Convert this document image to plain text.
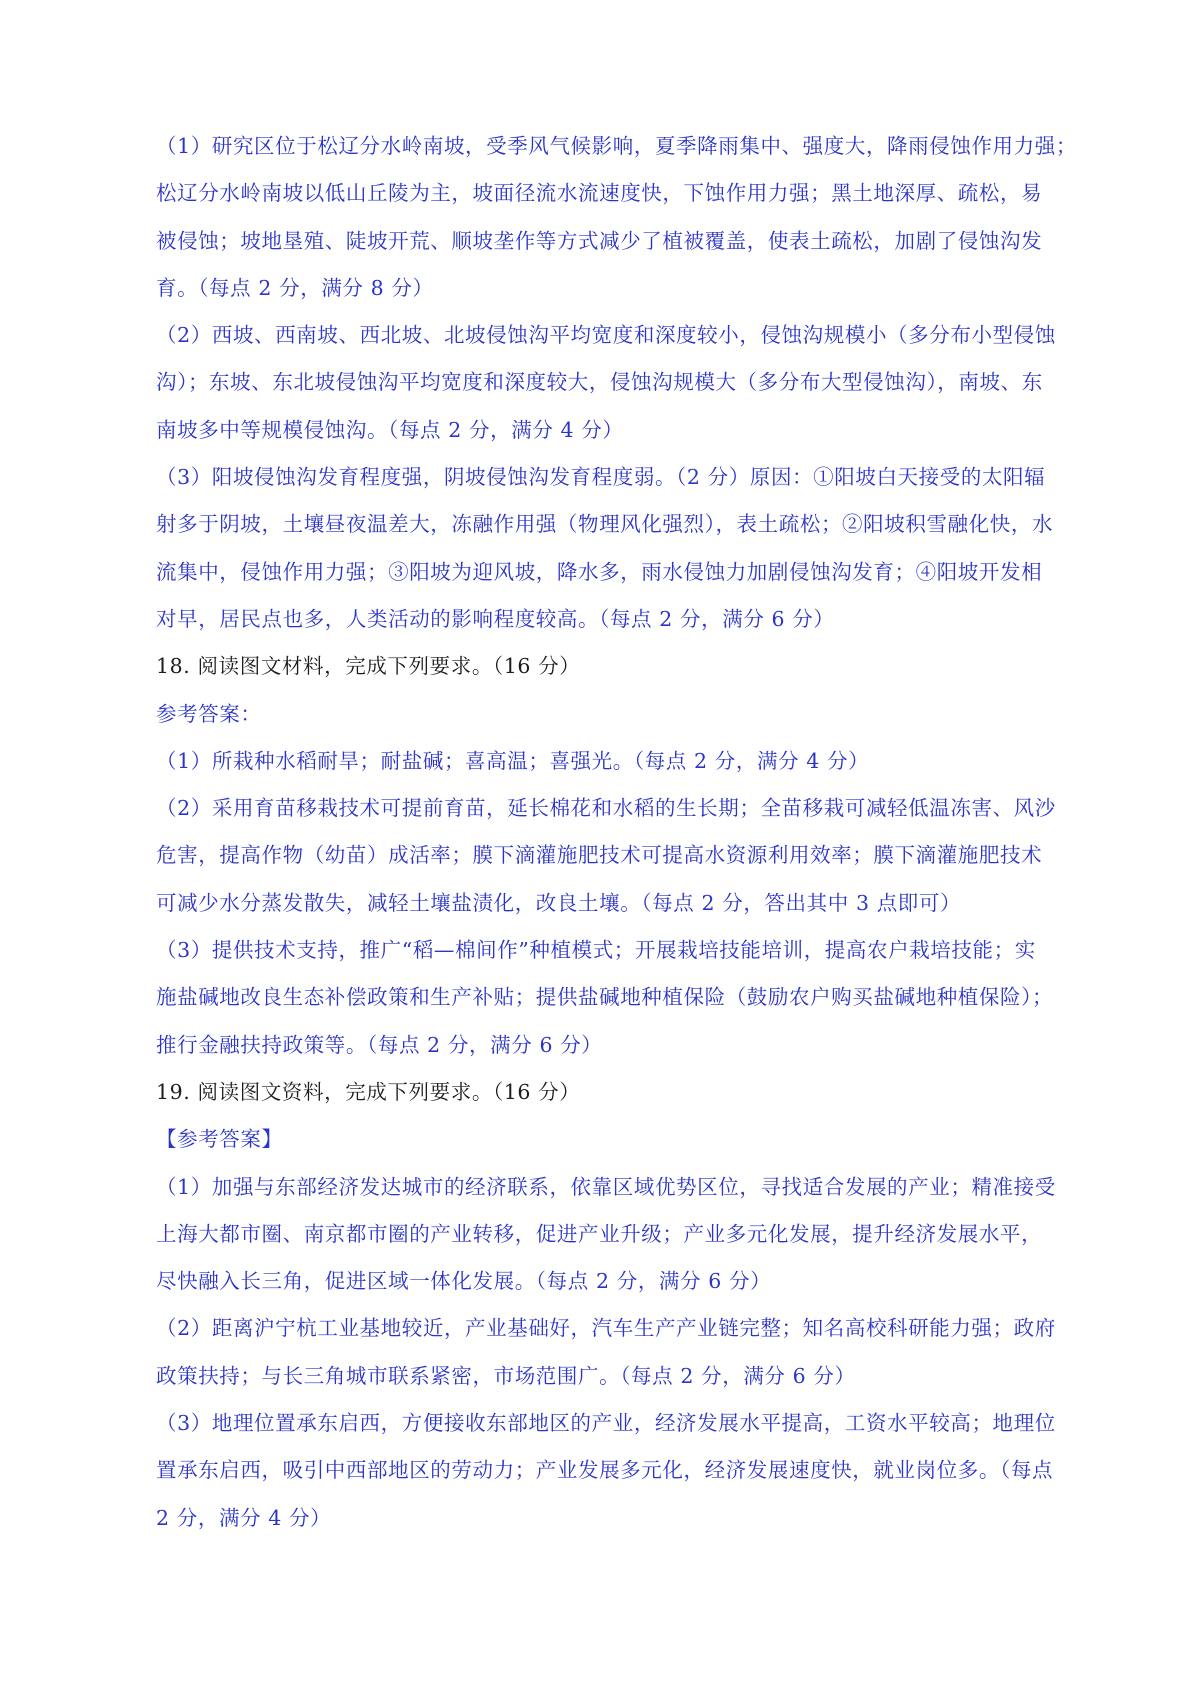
（1）研究区位于松辽分水岭南坡，受季风气候影响，夏季降雨集中、强度大，降雨侵蚀作用力强；
松辽分水岭南坡以低山丘陵为主，坡面径流水流速度快，下蚀作用力强；黑土地深厚、疏松，易
被侵蚀；坡地垦殖、陡坡开荒、顺坡垄作等方式减少了植被覆盖，使表土疏松，加剧了侵蚀沟发
育。（每点 2 分，满分 8 分）
（2）西坡、西南坡、西北坡、北坡侵蚀沟平均宽度和深度较小，侵蚀沟规模小（多分布小型侵蚀
沟）；东坡、东北坡侵蚀沟平均宽度和深度较大，侵蚀沟规模大（多分布大型侵蚀沟），南坡、东
南坡多中等规模侵蚀沟。（每点 2 分，满分 4 分）
（3）阳坡侵蚀沟发育程度强，阴坡侵蚀沟发育程度弱。（2 分）原因：①阳坡白天接受的太阳辐
射多于阴坡，土壤昼夜温差大，冻融作用强（物理风化强烈），表土疏松；②阳坡积雪融化快，水
流集中，侵蚀作用力强；③阳坡为迎风坡，降水多，雨水侵蚀力加剧侵蚀沟发育；④阳坡开发相
对早，居民点也多，人类活动的影响程度较高。（每点 2 分，满分 6 分）
18. 阅读图文材料，完成下列要求。（16 分）
参考答案：
（1）所栽种水稻耐旱；耐盐碱；喜高温；喜强光。（每点 2 分，满分 4 分）
（2）采用育苗移栽技术可提前育苗，延长棉花和水稻的生长期；全苗移栽可减轻低温冻害、风沙
危害，提高作物（幼苗）成活率；膜下滴灌施肥技术可提高水资源利用效率；膜下滴灌施肥技术
可减少水分蒸发散失，减轻土壤盐渍化，改良土壤。（每点 2 分，答出其中 3 点即可）
（3）提供技术支持，推广“稻—棉间作”种植模式；开展栽培技能培训，提高农户栽培技能；实
施盐碱地改良生态补偿政策和生产补贴；提供盐碱地种植保险（鼓励农户购买盐碱地种植保险）；
推行金融扶持政策等。（每点 2 分，满分 6 分）
19. 阅读图文资料，完成下列要求。（16 分）
【参考答案】
（1）加强与东部经济发达城市的经济联系，依靠区域优势区位，寻找适合发展的产业；精准接受
上海大都市圈、南京都市圈的产业转移，促进产业升级；产业多元化发展，提升经济发展水平，
尽快融入长三角，促进区域一体化发展。（每点 2 分，满分 6 分）
（2）距离沪宁杭工业基地较近，产业基础好，汽车生产产业链完整；知名高校科研能力强；政府
政策扶持；与长三角城市联系紧密，市场范围广。（每点 2 分，满分 6 分）
（3）地理位置承东启西，方便接收东部地区的产业，经济发展水平提高，工资水平较高；地理位
置承东启西，吸引中西部地区的劳动力；产业发展多元化，经济发展速度快，就业岗位多。（每点
2 分，满分 4 分）
